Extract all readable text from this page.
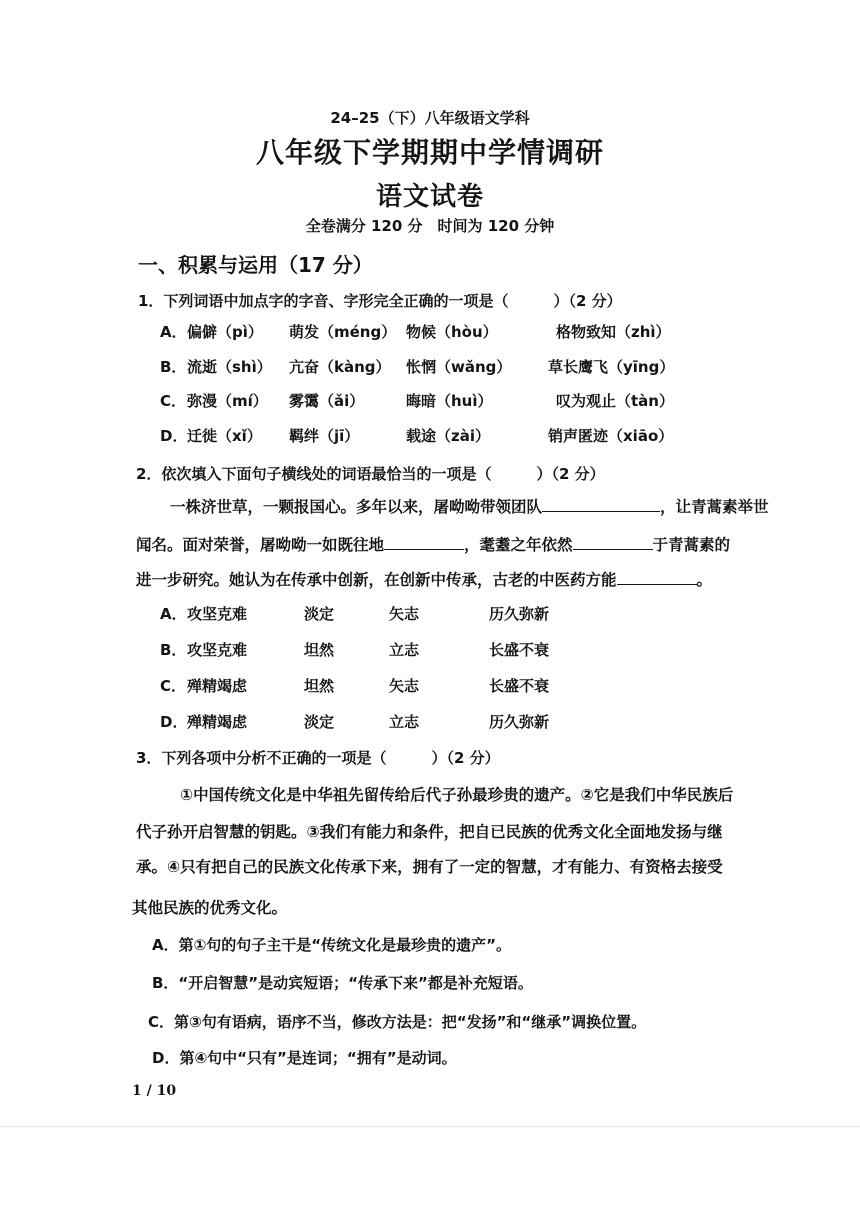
24–25（下）八年级语文学科
八年级下学期期中学情调研
语文试卷
全卷满分 120 分　时间为 120 分钟
一、积累与运用（17 分）
1．下列词语中加点字的字音、字形完全正确的一项是（　　　）（2 分）
A． 偏僻（pì） 萌发（méng） 物候（hòu）	格物致知（zhì）
B． 流逝（shì） 亢奋（kàng） 怅惘（wǎng） 草长鹰飞（yīng）
C． 弥漫（mí） 雾霭（ǎi）	晦暗（huì）	叹为观止（tàn）
D． 迁徙（xǐ） 羁绊（jī）	载途（zài）	销声匿迹（xiāo）
2．依次填入下面句子横线处的词语最恰当的一项是（　　　）（2 分）
一株济世草，一颗报国心。多年以来，屠呦呦带领团队	，让青蒿素举世
闻名。面对荣誉，屠呦呦一如既往地	，耄耋之年依然	于青蒿素的
进一步研究。她认为在传承中创新，在创新中传承，古老的中医药方能	。
A． 攻坚克难	淡定	矢志	历久弥新
B． 攻坚克难	坦然	立志	长盛不衰
C． 殚精竭虑	坦然	矢志	长盛不衰
D． 殚精竭虑	淡定	立志	历久弥新
3．下列各项中分析不正确的一项是（　　　）（2 分）
①中国传统文化是中华祖先留传给后代子孙最珍贵的遗产。②它是我们中华民族后
代子孙开启智慧的钥匙。③我们有能力和条件，把自已民族的优秀文化全面地发扬与继
承。④只有把自己的民族文化传承下来，拥有了一定的智慧，才有能力、有资格去接受
其他民族的优秀文化。
A．第①句的句子主干是“传统文化是最珍贵的遗产”。
B．“开启智慧”是动宾短语；“传承下来”都是补充短语。
C．第③句有语病，语序不当，修改方法是：把“发扬”和“继承”调换位置。
D．第④句中“只有”是连词；“拥有”是动词。
1 / 10
